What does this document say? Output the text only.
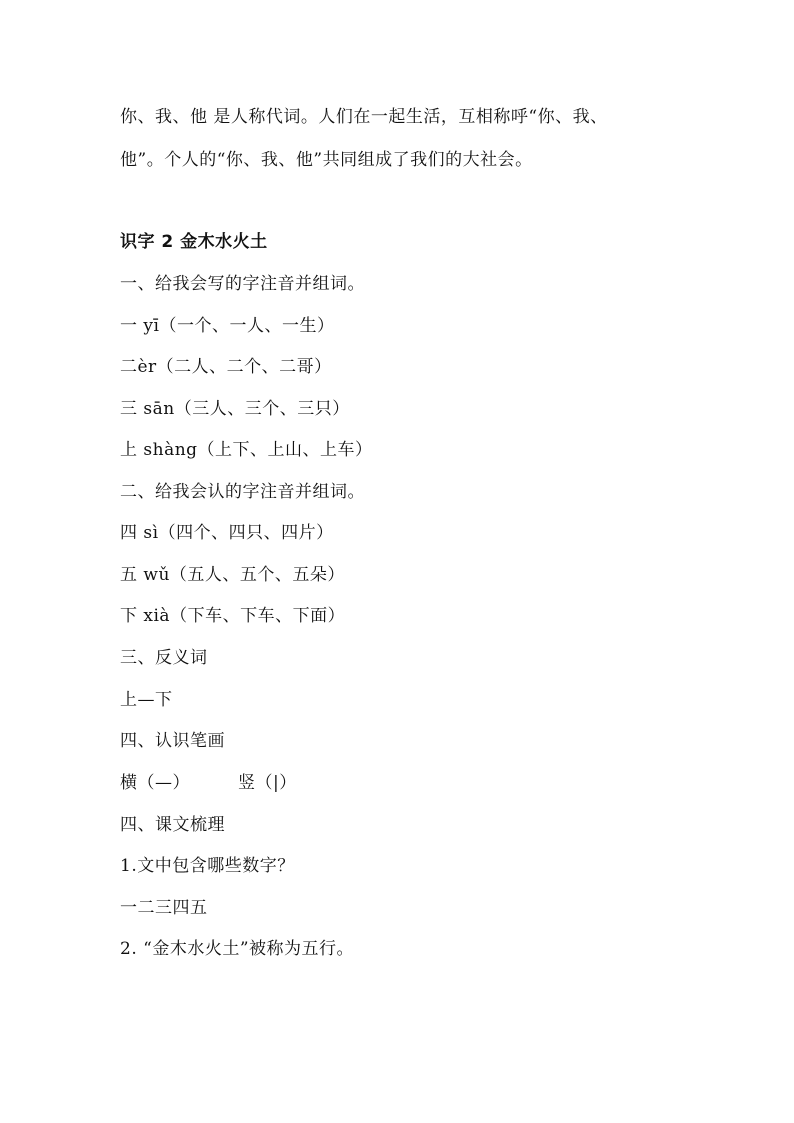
你、我、他 是人称代词。人们在一起生活，互相称呼“你、我、
他”。个人的“你、我、他”共同组成了我们的大社会。
识字 2 金木水火土
一、给我会写的字注音并组词。
一 yī（一个、一人、一生）
二èr（二人、二个、二哥）
三 sān（三人、三个、三只）
上 shàng（上下、上山、上车）
二、给我会认的字注音并组词。
四 sì（四个、四只、四片）
五 wǔ（五人、五个、五朵）
下 xià（下车、下车、下面）
三、反义词
上—下
四、认识笔画
横（—）	竖（|）
四、课文梳理
1.文中包含哪些数字？
一二三四五
2. “金木水火土”被称为五行。
